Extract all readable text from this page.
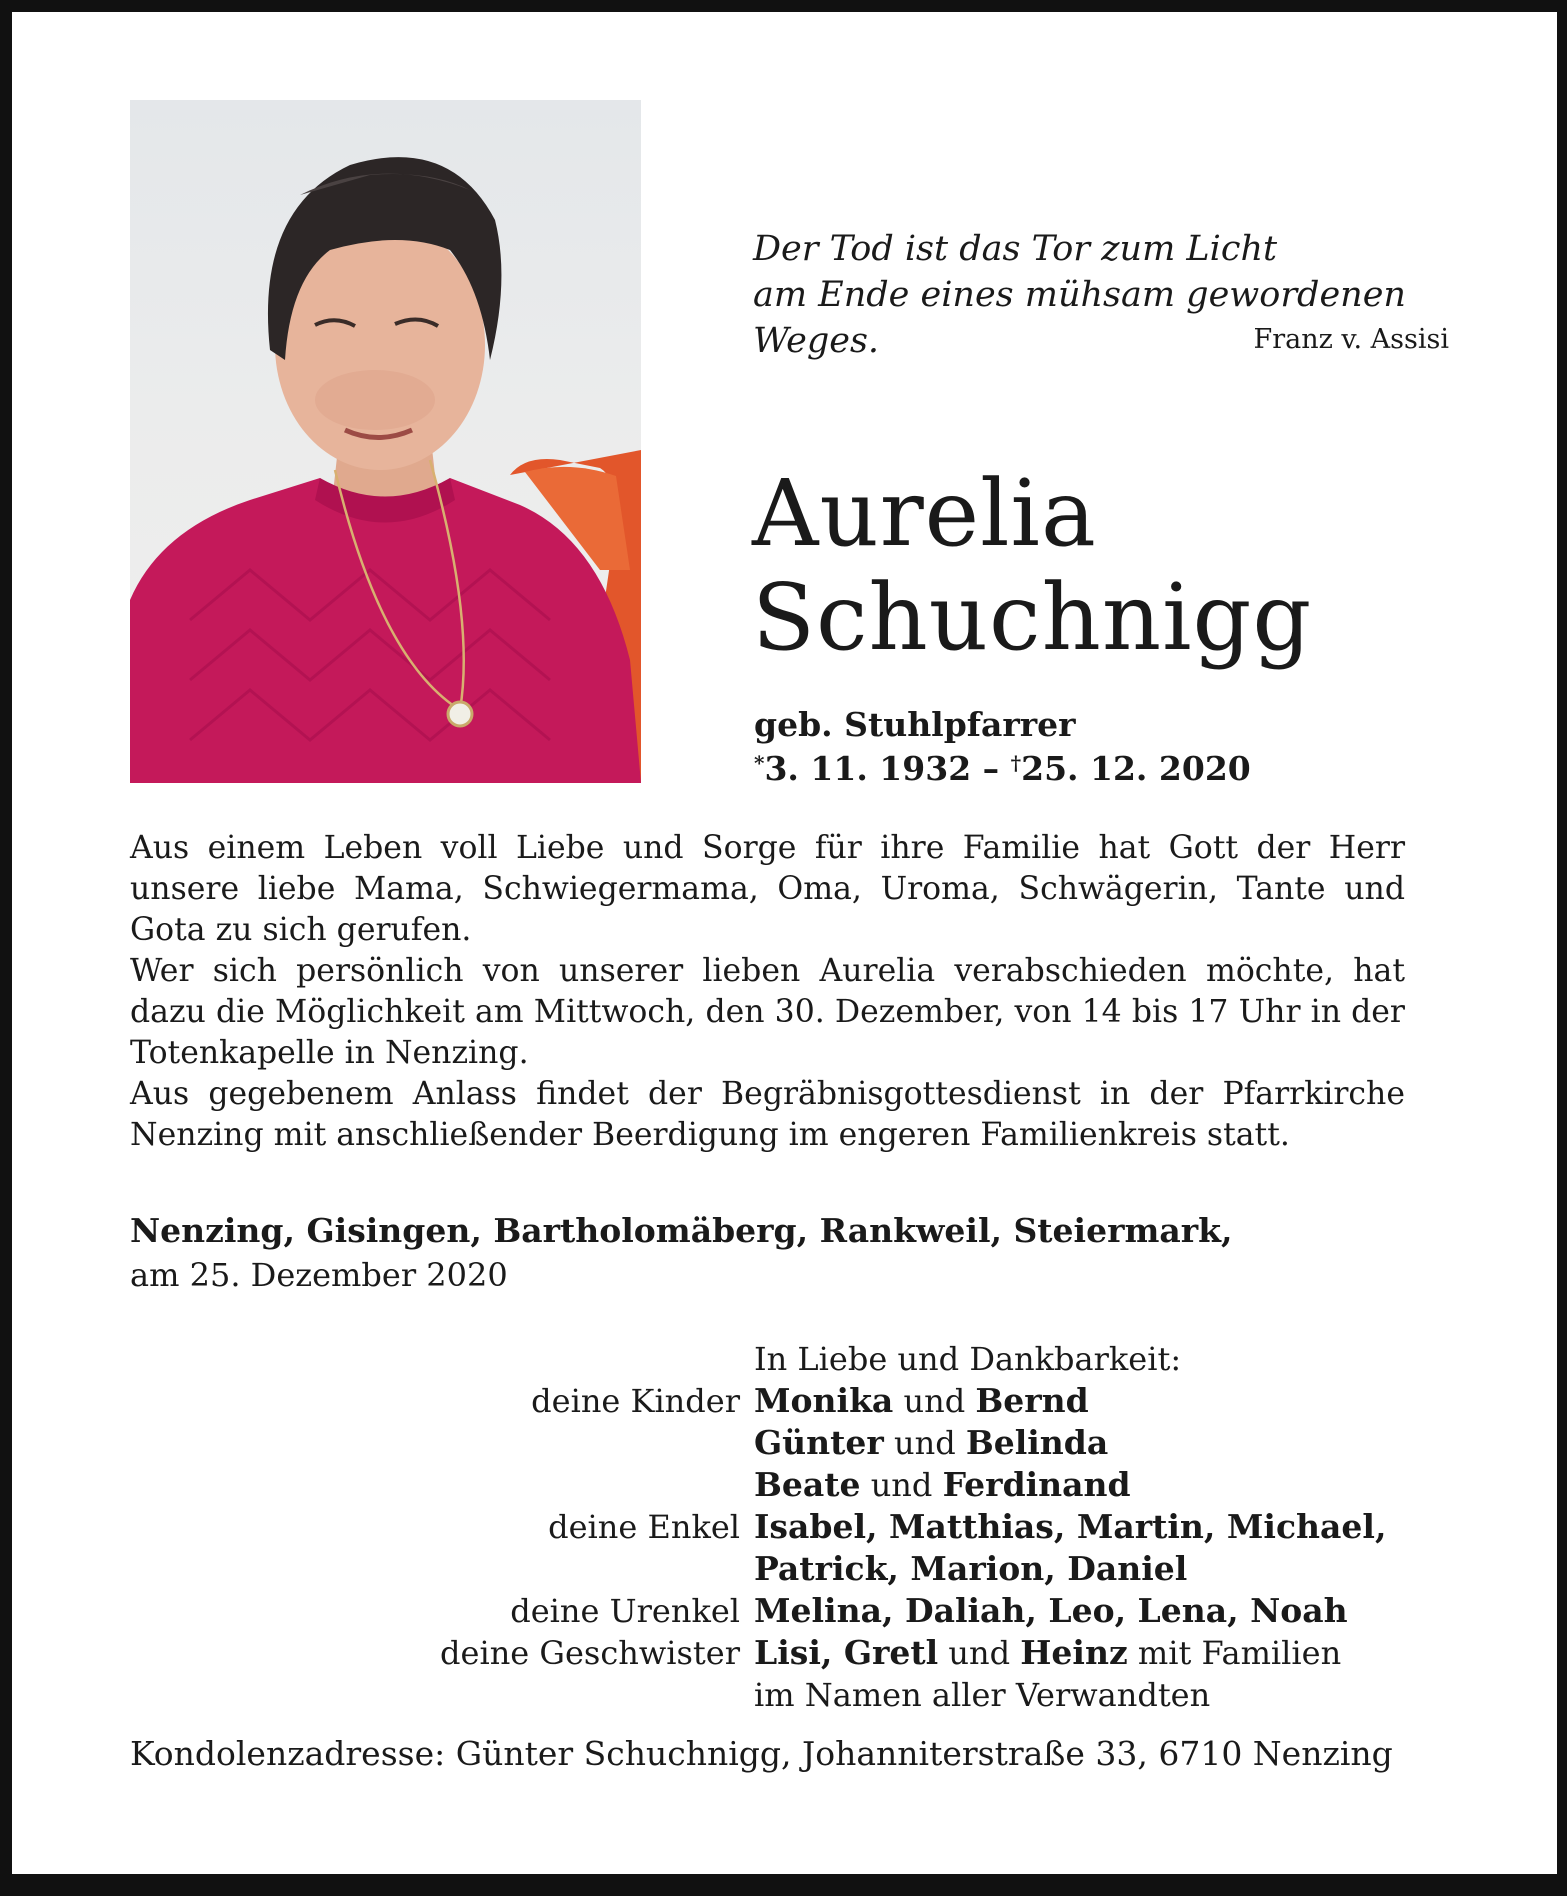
Der Tod ist das Tor zum Licht
am Ende eines mühsam gewordenen Weges.	Franz v. Assisi
Aurelia
Schuchnigg
geb. Stuhlpfarrer
*3. 11. 1932 – †25. 12. 2020

Aus einem Leben voll Liebe und Sorge für ihre Familie hat Gott der Herr unsere liebe Mama, Schwiegermama, Oma, Uroma, Schwägerin, Tante und Gota zu sich gerufen.

Wer sich persönlich von unserer lieben Aurelia verabschieden möchte, hat dazu die Möglichkeit am Mittwoch, den 30. Dezember, von 14 bis 17 Uhr in der Totenkapelle in Nenzing.

Aus gegebenem Anlass findet der Begräbnisgottesdienst in der Pfarrkirche Nenzing mit anschließender Beerdigung im engeren Familienkreis statt.

Nenzing, Gisingen, Bartholomäberg, Rankweil, Steiermark,
am 25. Dezember 2020
In Liebe und Dankbarkeit:
deine Kinder Monika und Bernd
Günter und Belinda
Beate und Ferdinand
deine Enkel Isabel, Matthias, Martin, Michael,
Patrick, Marion, Daniel
deine Urenkel Melina, Daliah, Leo, Lena, Noah
deine Geschwister Lisi, Gretl und Heinz mit Familien
im Namen aller Verwandten
Kondolenzadresse: Günter Schuchnigg, Johanniterstraße 33, 6710 Nenzing
